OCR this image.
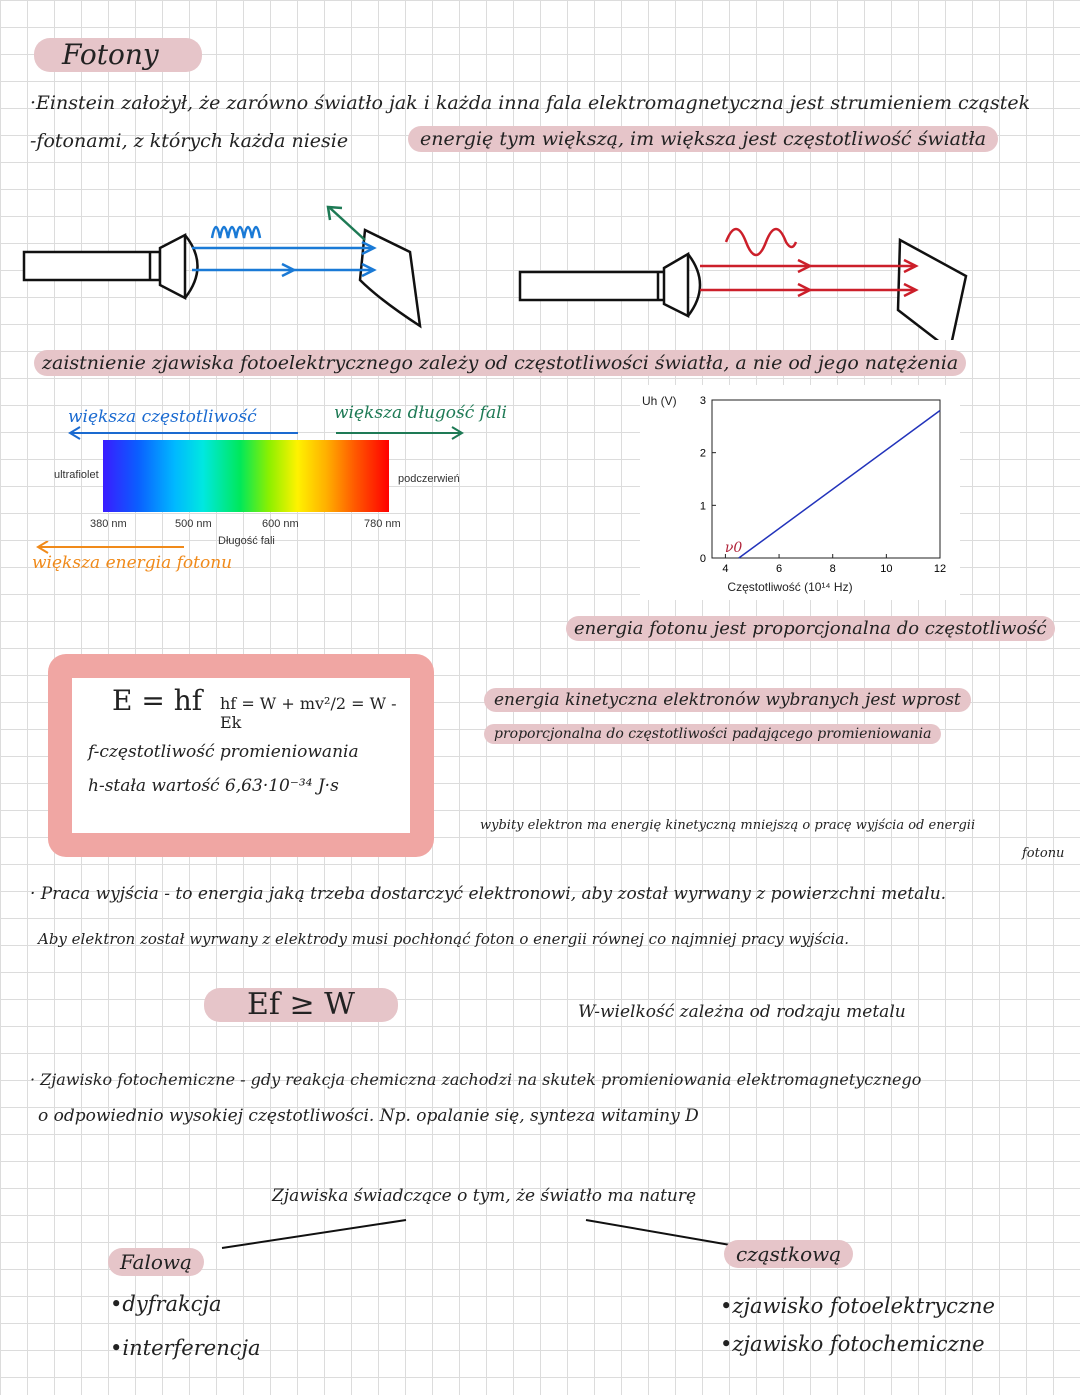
Fotony
·Einstein założył, że zarówno światło jak i każda inna fala elektromagnetyczna jest strumieniem cząstek
-fotonami, z których każda niesie	energię tym większą, im większa jest częstotliwość światła
zaistnienie zjawiska fotoelektrycznego zależy od częstotliwości światła, a nie od jego natężenia
większa częstotliwość	większa długość fali
ultrafiolet	podczerwień
380 nm	500 nm	600 nm	780 nm
Długość fali
większa energia fotonu
Uh (V)
Częstotliwość (10¹⁴ Hz)
4	6	8	10	12
0
1
2
3
ν0
energia fotonu jest proporcjonalna do częstotliwość
E = hf hf = W + mv²/2 = W - Ek
f-częstotliwość promieniowania
h-stała wartość 6,63·10⁻³⁴ J·s
energia kinetyczna elektronów wybranych jest wprost
proporcjonalna do częstotliwości padającego promieniowania
wybity elektron ma energię kinetyczną mniejszą o pracę wyjścia od energii
fotonu
· Praca wyjścia - to energia jaką trzeba dostarczyć elektronowi, aby został wyrwany z powierzchni metalu.
Aby elektron został wyrwany z elektrody musi pochłonąć foton o energii równej co najmniej pracy wyjścia.
Ef ≥ W	W-wielkość zależna od rodzaju metalu
· Zjawisko fotochemiczne - gdy reakcja chemiczna zachodzi na skutek promieniowania elektromagnetycznego
o odpowiednio wysokiej częstotliwości. Np. opalanie się, synteza witaminy D
Zjawiska świadczące o tym, że światło ma naturę
Falową
•dyfrakcja
•interferencja
cząstkową
•zjawisko fotoelektryczne
•zjawisko fotochemiczne
